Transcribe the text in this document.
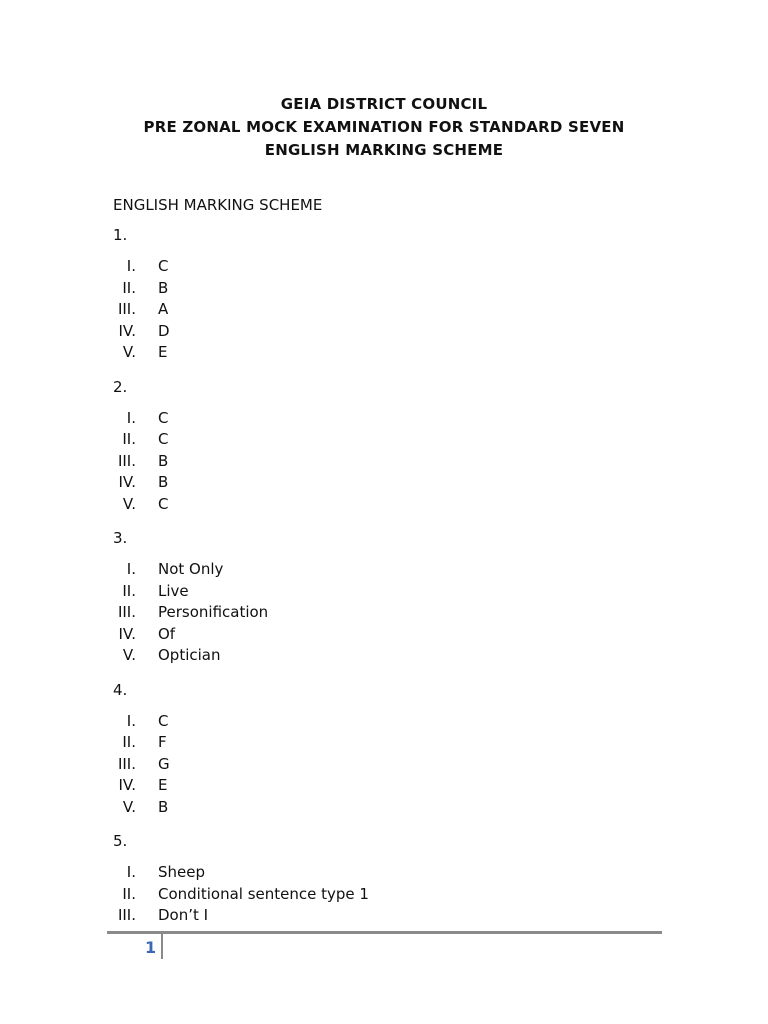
GEIA DISTRICT COUNCIL
PRE ZONAL MOCK EXAMINATION FOR STANDARD SEVEN
ENGLISH MARKING SCHEME
ENGLISH MARKING SCHEME
1.
I. C
II. B
III. A
IV. D
V. E
2.
I. C
II. C
III. B
IV. B
V. C
3.
I. Not Only
II. Live
III. Personification
IV. Of
V. Optician
4.
I. C
II. F
III. G
IV. E
V. B
5.
I. Sheep
II. Conditional sentence type 1
III. Don’t I
1
